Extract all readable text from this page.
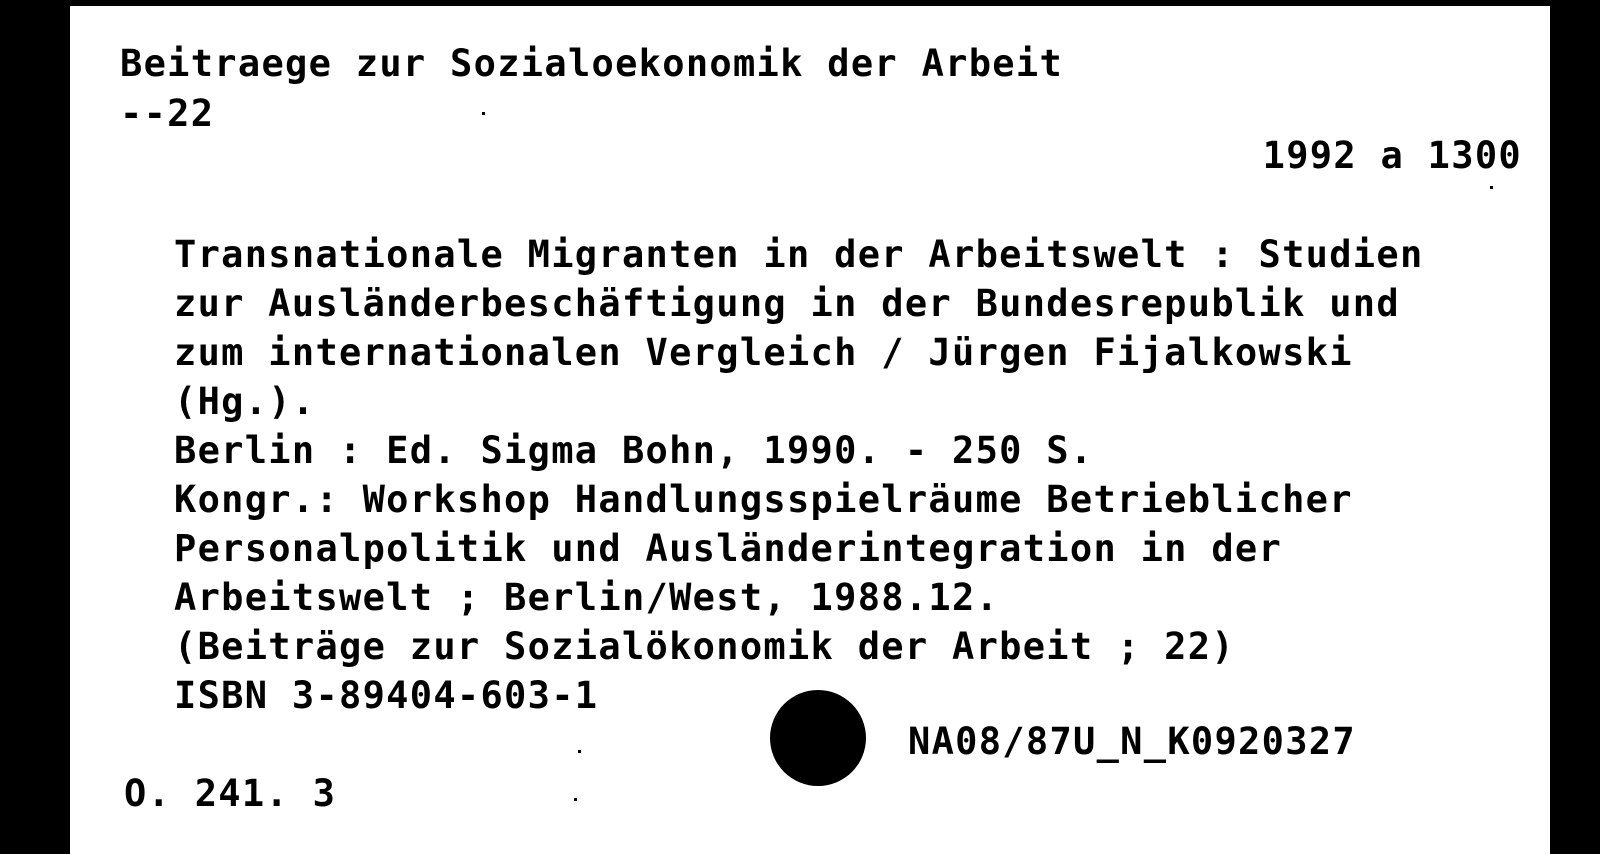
Beitraege zur Sozialoekonomik der Arbeit
--22
1992 a 1300
Transnationale Migranten in der Arbeitswelt : Studien
zur Ausländerbeschäftigung in der Bundesrepublik und
zum internationalen Vergleich / Jürgen Fijalkowski
(Hg.).
Berlin : Ed. Sigma Bohn, 1990. - 250 S.
Kongr.: Workshop Handlungsspielräume Betrieblicher
Personalpolitik und Ausländerintegration in der
Arbeitswelt ; Berlin/West, 1988.12.
(Beiträge zur Sozialökonomik der Arbeit ; 22)
ISBN 3-89404-603-1
NA08/87U_N_K0920327
O. 241. 3
